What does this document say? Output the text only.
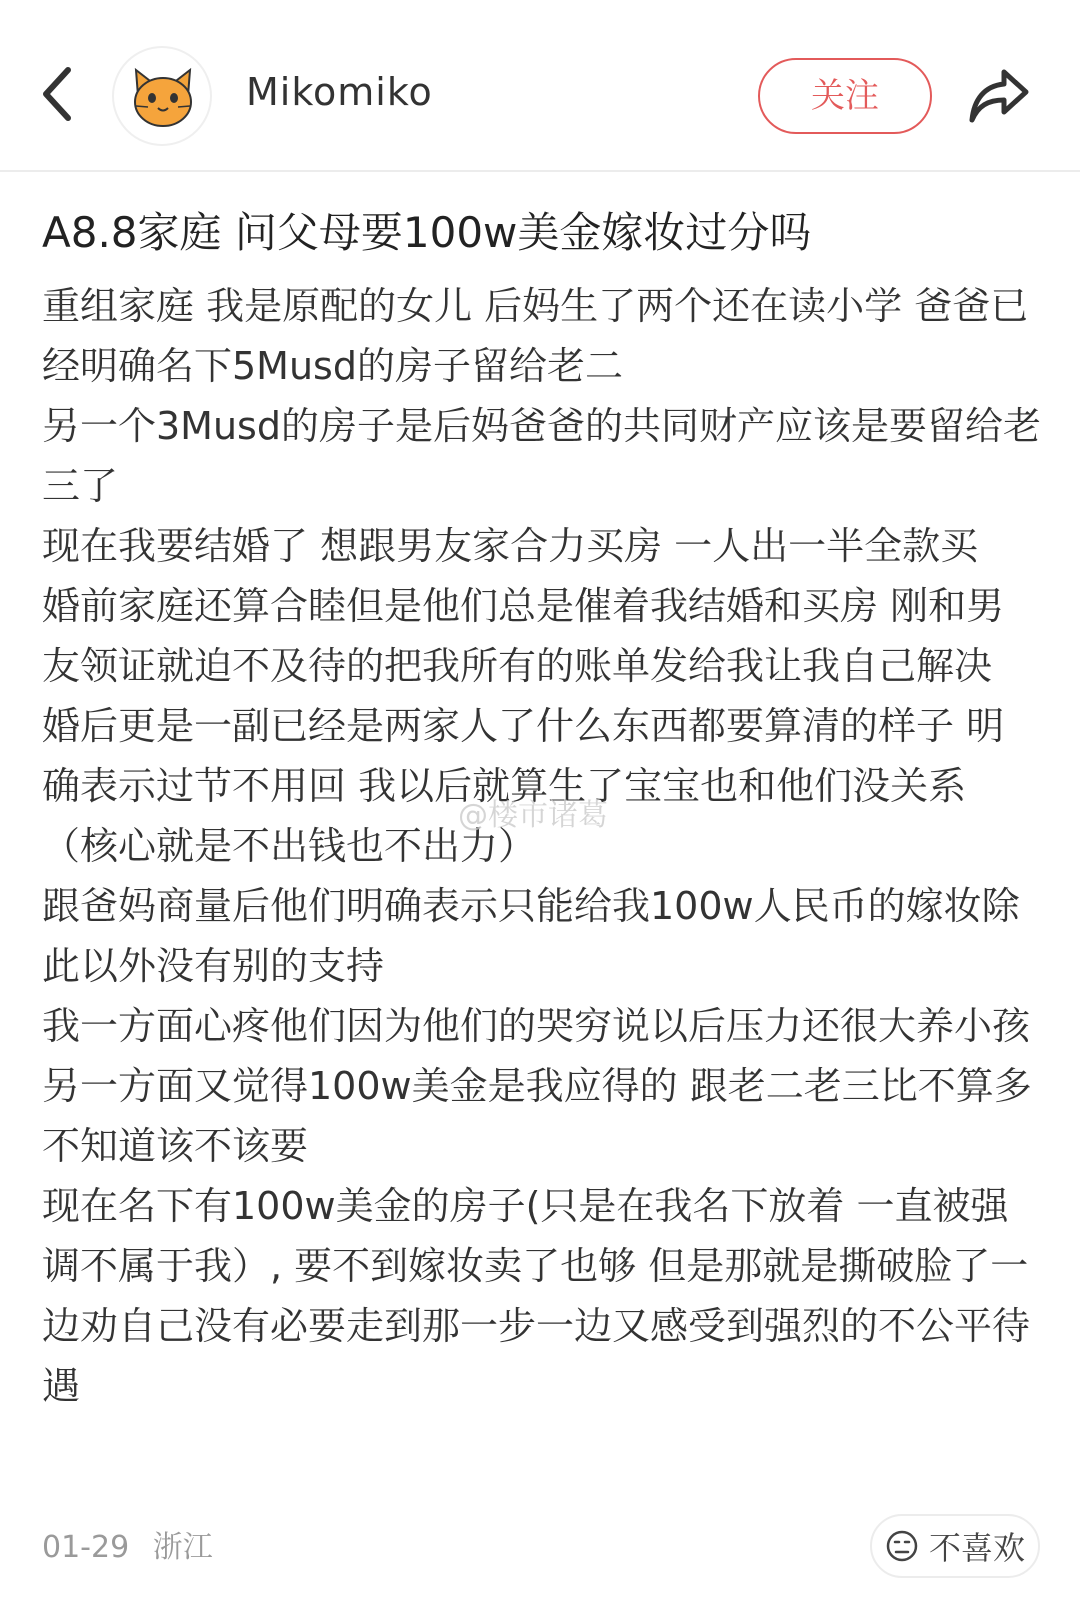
Mikomiko	关注
A8.8家庭 问父母要100w美金嫁妆过分吗

重组家庭 我是原配的女儿 后妈生了两个还在读小学 爸爸已经明确名下5Musd的房子留给老二

另一个3Musd的房子是后妈爸爸的共同财产应该是要留给老三了

现在我要结婚了 想跟男友家合力买房 一人出一半全款买

婚前家庭还算合睦但是他们总是催着我结婚和买房 刚和男友领证就迫不及待的把我所有的账单发给我让我自己解决 婚后更是一副已经是两家人了什么东西都要算清的样子 明确表示过节不用回 我以后就算生了宝宝也和他们没关系（核心就是不出钱也不出力）

跟爸妈商量后他们明确表示只能给我100w人民币的嫁妆除此以外没有别的支持

我一方面心疼他们因为他们的哭穷说以后压力还很大养小孩 另一方面又觉得100w美金是我应得的 跟老二老三比不算多 不知道该不该要

现在名下有100w美金的房子(只是在我名下放着 一直被强调不属于我）, 要不到嫁妆卖了也够 但是那就是撕破脸了一边劝自己没有必要走到那一步一边又感受到强烈的不公平待遇

@楼市诸葛
01-29 浙江	不喜欢
